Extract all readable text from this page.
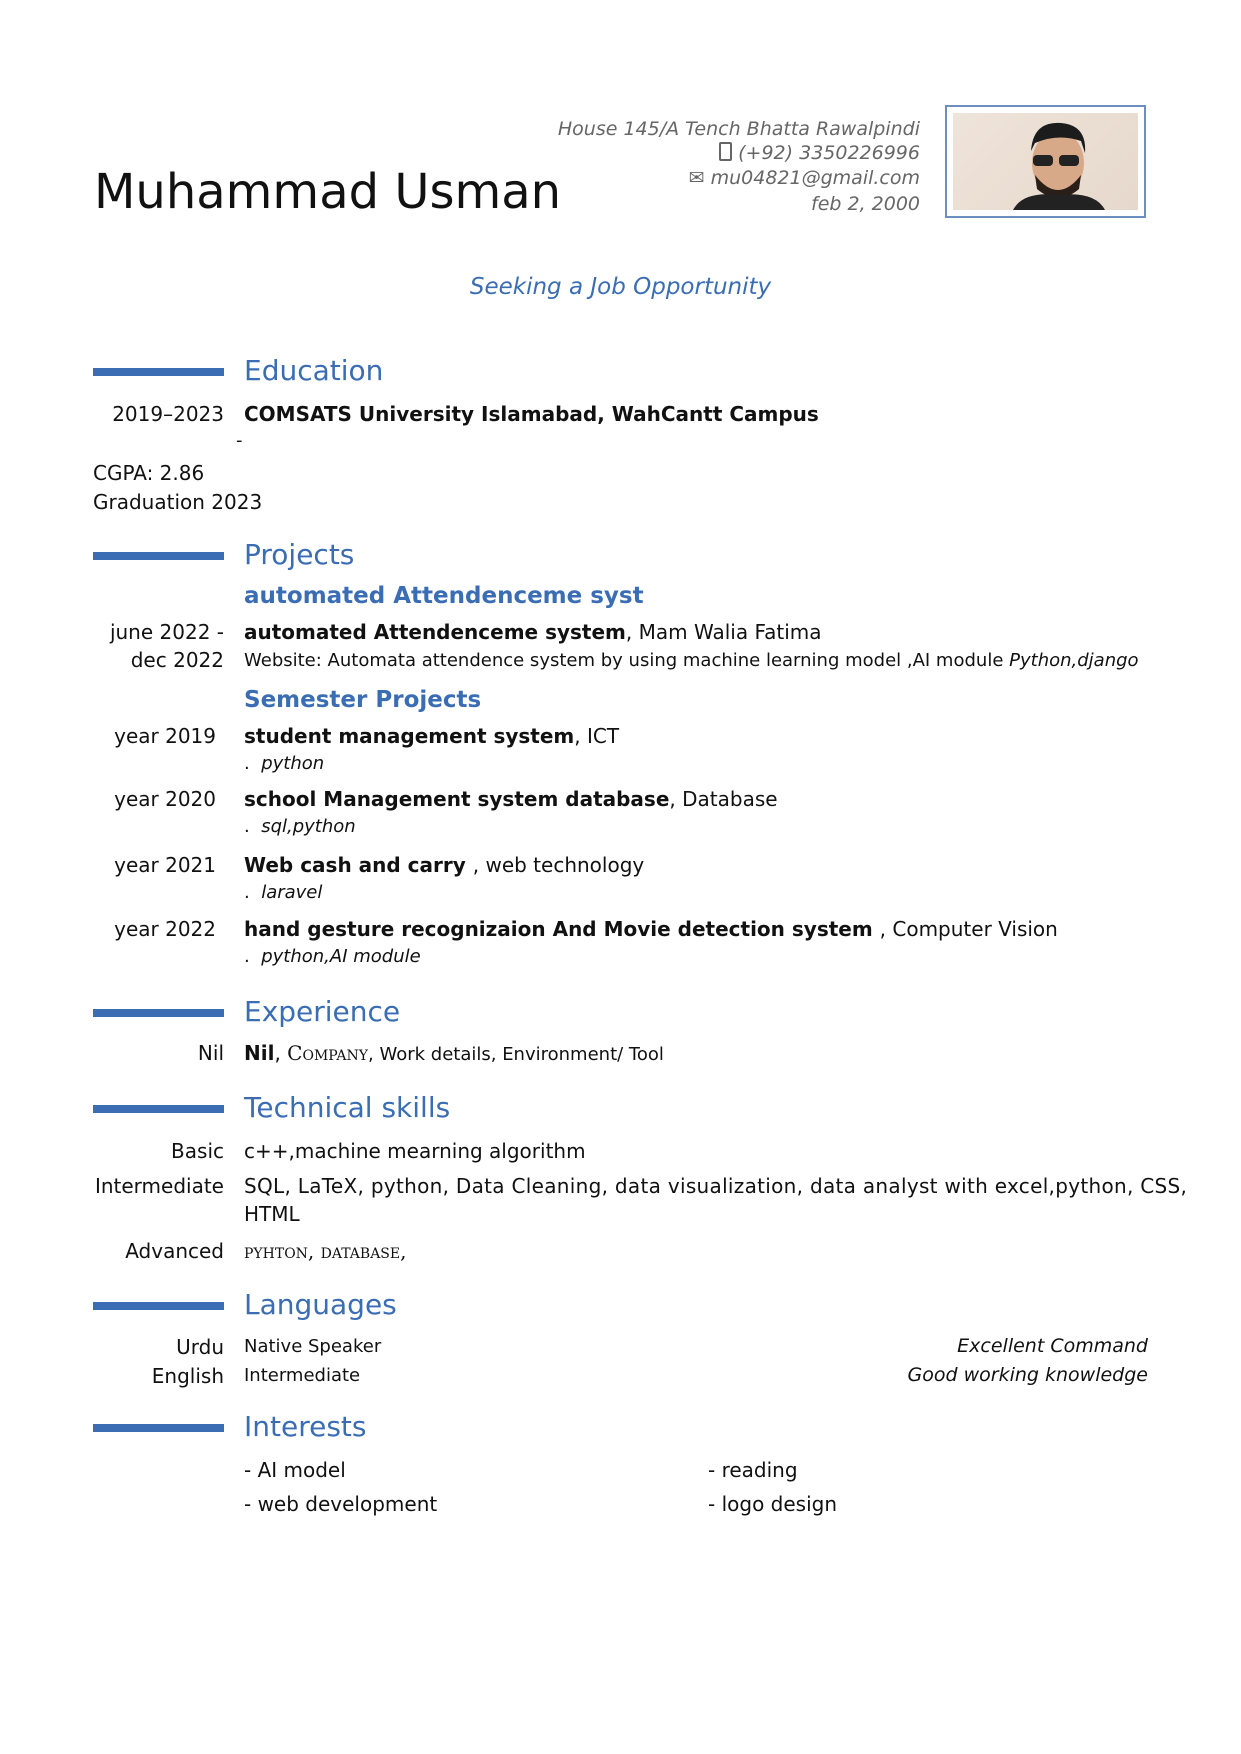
Muhammad Usman
House 145/A Tench Bhatta Rawalpindi
(+92) 3350226996
✉ mu04821@gmail.com
feb 2, 2000
Seeking a Job Opportunity
Education
2019–2023 COMSATS University Islamabad, WahCantt Campus
-
CGPA: 2.86
Graduation 2023
Projects
automated Attendenceme syst
june 2022 -
dec 2022
automated Attendenceme system, Mam Walia Fatima
Website: Automata attendence system by using machine learning model ,AI module Python,django
Semester Projects
year 2019 student management system, ICT
. python
year 2020 school Management system database, Database
. sql,python
year 2021 Web cash and carry , web technology
. laravel
year 2022 hand gesture recognizaion And Movie detection system , Computer Vision
. python,AI module
Experience
Nil Nil, Company, Work details, Environment/ Tool
Technical skills
Basic c++,machine mearning algorithm
Intermediate SQL, LaTeX, python, Data Cleaning, data visualization, data analyst with excel,python, CSS,
HTML
Advanced pyhton, database,
Languages
Urdu Native Speaker	Excellent Command
English Intermediate	Good working knowledge
Interests
- AI model	- reading
- web development	- logo design
